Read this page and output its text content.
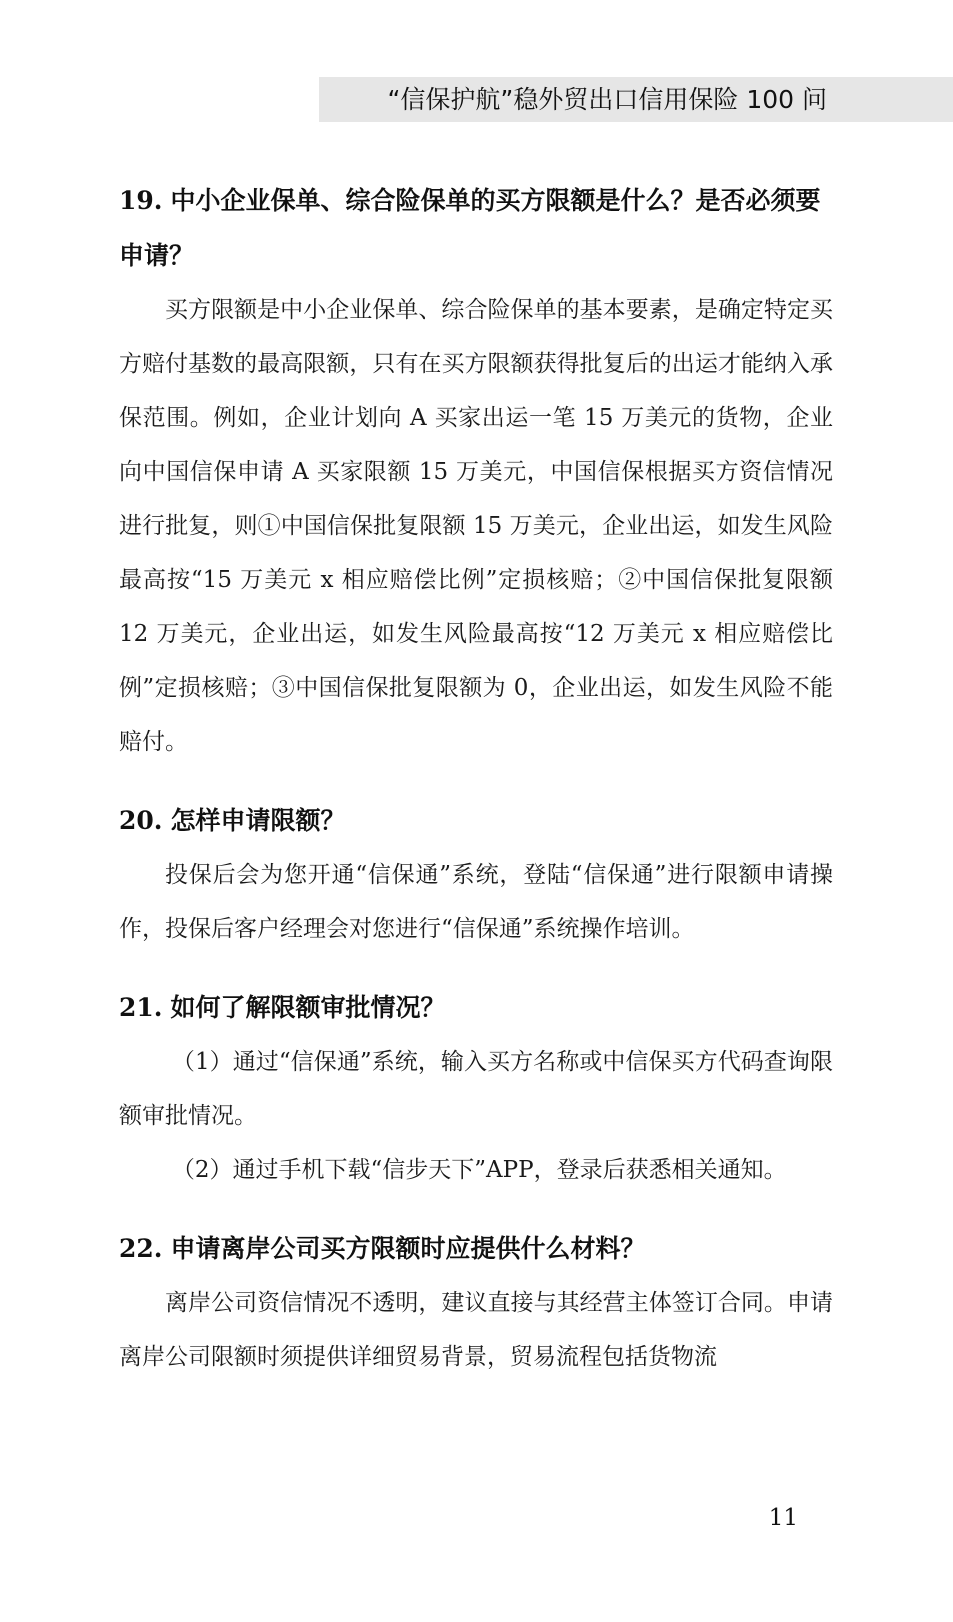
“信保护航”稳外贸出口信用保险 100 问
19. 中小企业保单、综合险保单的买方限额是什么？是否必须要申请？

买方限额是中小企业保单、综合险保单的基本要素，是确定特定买方赔付基数的最高限额，只有在买方限额获得批复后的出运才能纳入承保范围。例如，企业计划向 A 买家出运一笔 15 万美元的货物，企业向中国信保申请 A 买家限额 15 万美元，中国信保根据买方资信情况进行批复，则①中国信保批复限额 15 万美元，企业出运，如发生风险最高按“15 万美元 x 相应赔偿比例”定损核赔；②中国信保批复限额 12 万美元，企业出运，如发生风险最高按“12 万美元 x 相应赔偿比例”定损核赔；③中国信保批复限额为 0，企业出运，如发生风险不能赔付。

20. 怎样申请限额？

投保后会为您开通“信保通”系统，登陆“信保通”进行限额申请操作，投保后客户经理会对您进行“信保通”系统操作培训。

21. 如何了解限额审批情况？

（1）通过“信保通”系统，输入买方名称或中信保买方代码查询限额审批情况。

（2）通过手机下载“信步天下”APP，登录后获悉相关通知。

22. 申请离岸公司买方限额时应提供什么材料？

离岸公司资信情况不透明，建议直接与其经营主体签订合同。申请离岸公司限额时须提供详细贸易背景，贸易流程包括货物流

11
